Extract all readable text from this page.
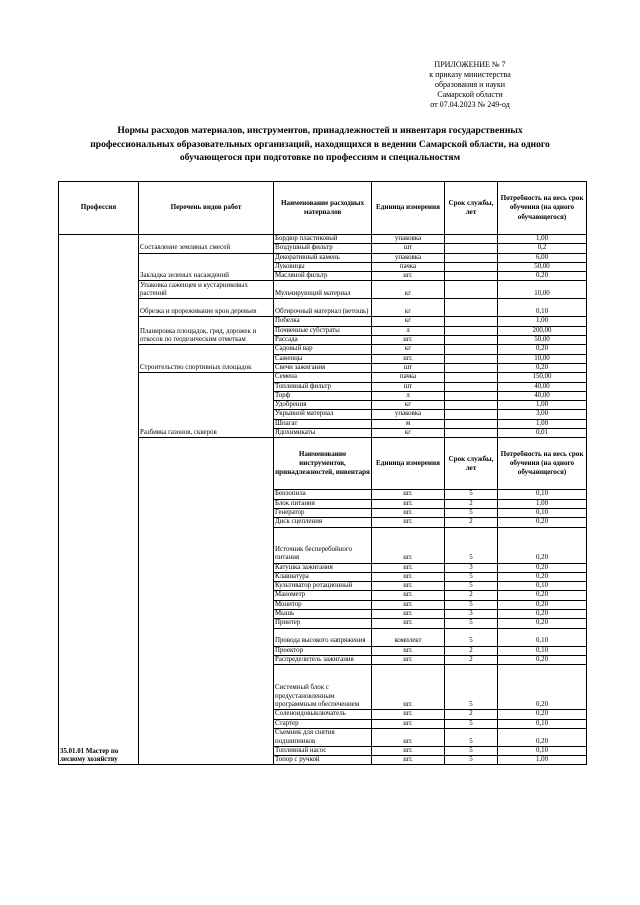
ПРИЛОЖЕНИЕ № 7
к приказу министерства
образования и науки
Самарской области
от 07.04.2023 № 249-од
Нормы расходов материалов, инструментов, принадлежностей и инвентаря государственных
профессиональных образовательных организаций, находящихся в ведении Самарской области, на одного
обучающегося при подготовке по профессиям и специальностям
Профессия	Перечень видов работ	Наименование расходных материалов	Единица измерения	Срок службы, лет	Потребность на весь срок обучения (на одного обучающегося)
35.01.01 Мастер по лесному хозяйству	Составление земляных смесей	Бордюр пластиковый	упаковка		1,00
		Воздушный фильтр	шт		0,2
	Закладка зеленых насаждений	Декоративный камень	упаковка		6,00
		Луковицы	пачка		50,00
		Масляной фильтр	шт.		0,20
	Упаковка саженцев и кустарниковых растений	Мульчирующий материал	кг		10,00
	Обрезка и прореживание крон деревьев	Обтирочный материал (ветошь)	кг		0,10
	Планировка площадок, гряд, дорожек и откосов по геодезическим отметкам	Побелка	кг		1,00
		Почвенные субстраты	л		200,00
		Рассада	шт.		50,00
	Строительство спортивных площадок	Садовый вар	кг		0,20
		Саженцы	шт.		10,00
		Свечи зажигания	шт		0,20
	Разбивка газонов, скверов	Семена	пачка		150,00
		Топливный фильтр	шт		40,00
		Торф	л		40,00
		Удобрения	кг		1,00
		Укрывной материал	упаковка		3,00
		Шпагат	м		1,00
		Ядохимикаты	кг		0,01
		Наименование инструментов, принадлежностей, инвентаря	Единица измерения	Срок службы, лет	Потребность на весь срок обучения (на одного обучающегося)
		Бензопила	шт.	5	0,10
		Блок питания	шт.	2	1,00
		Генератор	шт.	5	0,10
		Диск сцепления	шт.	2	0,20
		Источник бесперебойного питания	шт.	5	0,20
		Катушка зажигания	шт.	3	0,20
		Клавиатура	шт.	5	0,20
		Культиватор ротационный	шт.	5	0,10
		Манометр	шт.	2	0,20
		Монитор	шт.	5	0,20
		Мышь	шт.	3	0,20
		Принтер	шт.	5	0,20
		Провода высокого напряжения	комплект	5	0,10
		Проектор	шт.	2	0,10
		Распределитель зажигания	шт.	2	0,20
		Системный блок с предустановленным программным обеспечением	шт.	5	0,20
		Соленоидовыключатель	шт.	2	0,20
		Стартер	шт.	5	0,10
		Съемник для снятия подшипников	шт.	5	0,20
		Топливный насос	шт.	5	0,10
		Топор с ручкой	шт.	5	1,00
